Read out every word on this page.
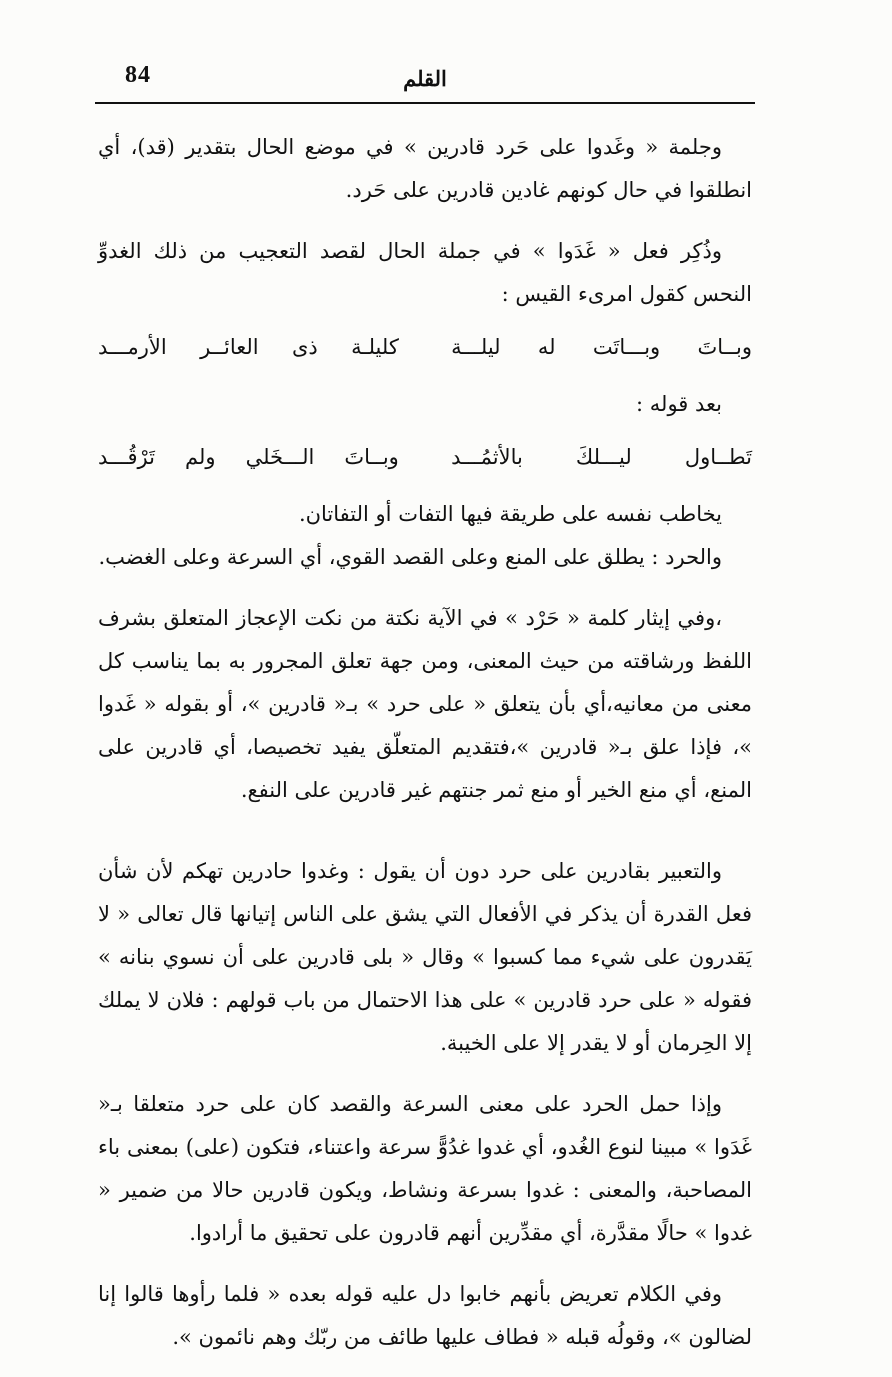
84	القلم

وجلمة « وغَدوا على حَرد قادرين » في موضع الحال بتقدير (قد)، أي انطلقوا في حال كونهم غادين قادرين على حَرد.

وذُكِر فعل « غَدَوا » في جملة الحال لقصد التعجيب من ذلك الغدوِّ النحس كقول امرىء القيس :

وبــاتَ وبـــاتَت له ليلـــة
كليلـة ذى العائــر الأرمـــد

بعد قوله :

تَطــاول ليـــلكَ بالأثمُـــد
وبــاتَ الـــخَلي ولم تَرْقُـــد

يخاطب نفسه على طريقة فيها التفات أو التفاتان.

والحرد : يطلق على المنع وعلى القصد القوي، أي السرعة وعلى الغضب.

،وفي إيثار كلمة « حَرْد » في الآية نكتة من نكت الإعجاز المتعلق بشرف اللفظ ورشاقته من حيث المعنى، ومن جهة تعلق المجرور به بما يناسب كل معنى من معانيه،أي بأن يتعلق « على حرد » بـ« قادرين »، أو بقوله « غَدوا »، فإذا علق بـ« قادرين »،فتقديم المتعلّق يفيد تخصيصا، أي قادرين على المنع، أي منع الخير أو منع ثمر جنتهم غير قادرين على النفع.

والتعبير بقادرين على حرد دون أن يقول : وغدوا حادرين تهكم لأن شأن فعل القدرة أن يذكر في الأفعال التي يشق على الناس إتيانها قال تعالى « لا يَقدرون على شيء مما كسبوا » وقال « بلى قادرين على أن نسوي بنانه » فقوله « على حرد قادرين » على هذا الاحتمال من باب قولهم : فلان لا يملك إلا الحِرمان أو لا يقدر إلا على الخيبة.

وإذا حمل الحرد على معنى السرعة والقصد كان على حرد متعلقا بـ« غَدَوا » مبينا لنوع الغُدو، أي غدوا غدُوًّ سرعة واعتناء، فتكون (على) بمعنى باء المصاحبة، والمعنى : غدوا بسرعة ونشاط، ويكون قادرين حالا من ضمير « غدوا » حالًا مقدَّرة، أي مقدِّرين أنهم قادرون على تحقيق ما أرادوا.

وفي الكلام تعريض بأنهم خابوا دل عليه قوله بعده « فلما رأوها قالوا إنا لضالون »، وقولُه قبله « فطاف عليها طائف من ربّك وهم نائمون ».
